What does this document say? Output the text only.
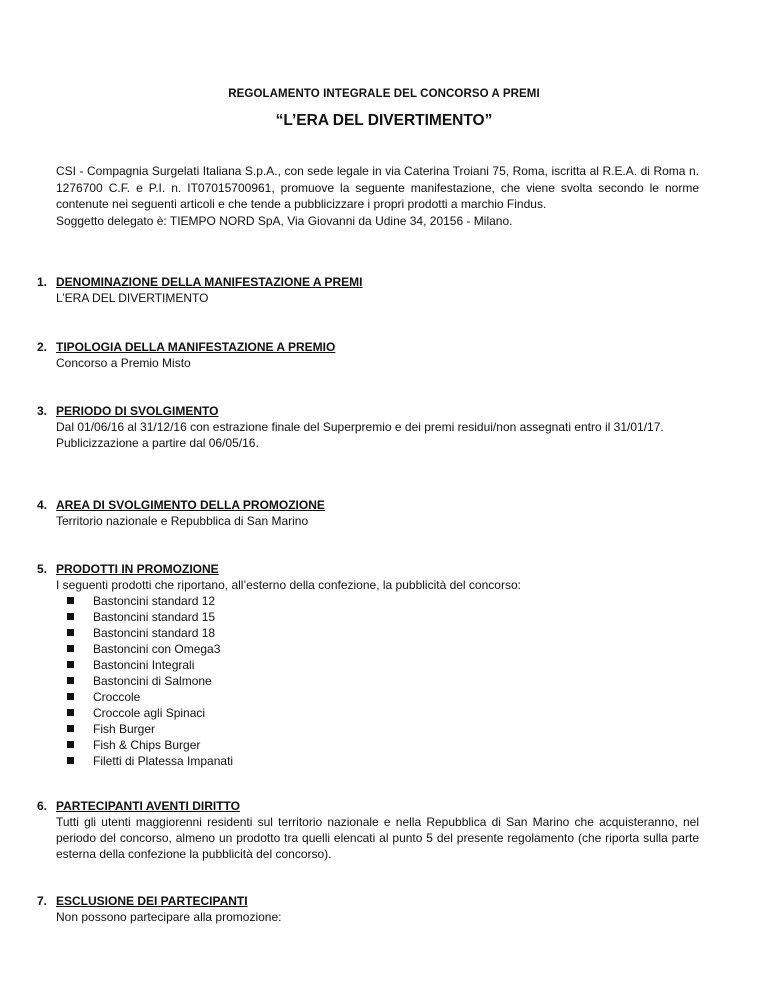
REGOLAMENTO INTEGRALE DEL CONCORSO A PREMI
“L’ERA DEL DIVERTIMENTO”

CSI - Compagnia Surgelati Italiana S.p.A., con sede legale in via Caterina Troiani 75, Roma, iscritta al R.E.A. di Roma n. 1276700 C.F. e P.I. n. IT07015700961, promuove la seguente manifestazione, che viene svolta secondo le norme contenute nei seguenti articoli e che tende a pubblicizzare i propri prodotti a marchio Findus.

Soggetto delegato è: TIEMPO NORD SpA, Via Giovanni da Udine 34, 20156 - Milano.

1. DENOMINAZIONE DELLA MANIFESTAZIONE A PREMI

L’ERA DEL DIVERTIMENTO

2. TIPOLOGIA DELLA MANIFESTAZIONE A PREMIO

Concorso a Premio Misto

3. PERIODO DI SVOLGIMENTO

Dal 01/06/16 al 31/12/16 con estrazione finale del Superpremio e dei premi residui/non assegnati entro il 31/01/17.

Publicizzazione a partire dal 06/05/16.

4. AREA DI SVOLGIMENTO DELLA PROMOZIONE

Territorio nazionale e Repubblica di San Marino

5. PRODOTTI IN PROMOZIONE

I seguenti prodotti che riportano, all’esterno della confezione, la pubblicità del concorso:

Bastoncini standard 12
Bastoncini standard 15
Bastoncini standard 18
Bastoncini con Omega3
Bastoncini Integrali
Bastoncini di Salmone
Croccole
Croccole agli Spinaci
Fish Burger
Fish & Chips Burger
Filetti di Platessa Impanati
6. PARTECIPANTI AVENTI DIRITTO

Tutti gli utenti maggiorenni residenti sul territorio nazionale e nella Repubblica di San Marino che acquisteranno, nel periodo del concorso, almeno un prodotto tra quelli elencati al punto 5 del presente regolamento (che riporta sulla parte esterna della confezione la pubblicità del concorso).

7. ESCLUSIONE DEI PARTECIPANTI

Non possono partecipare alla promozione:
